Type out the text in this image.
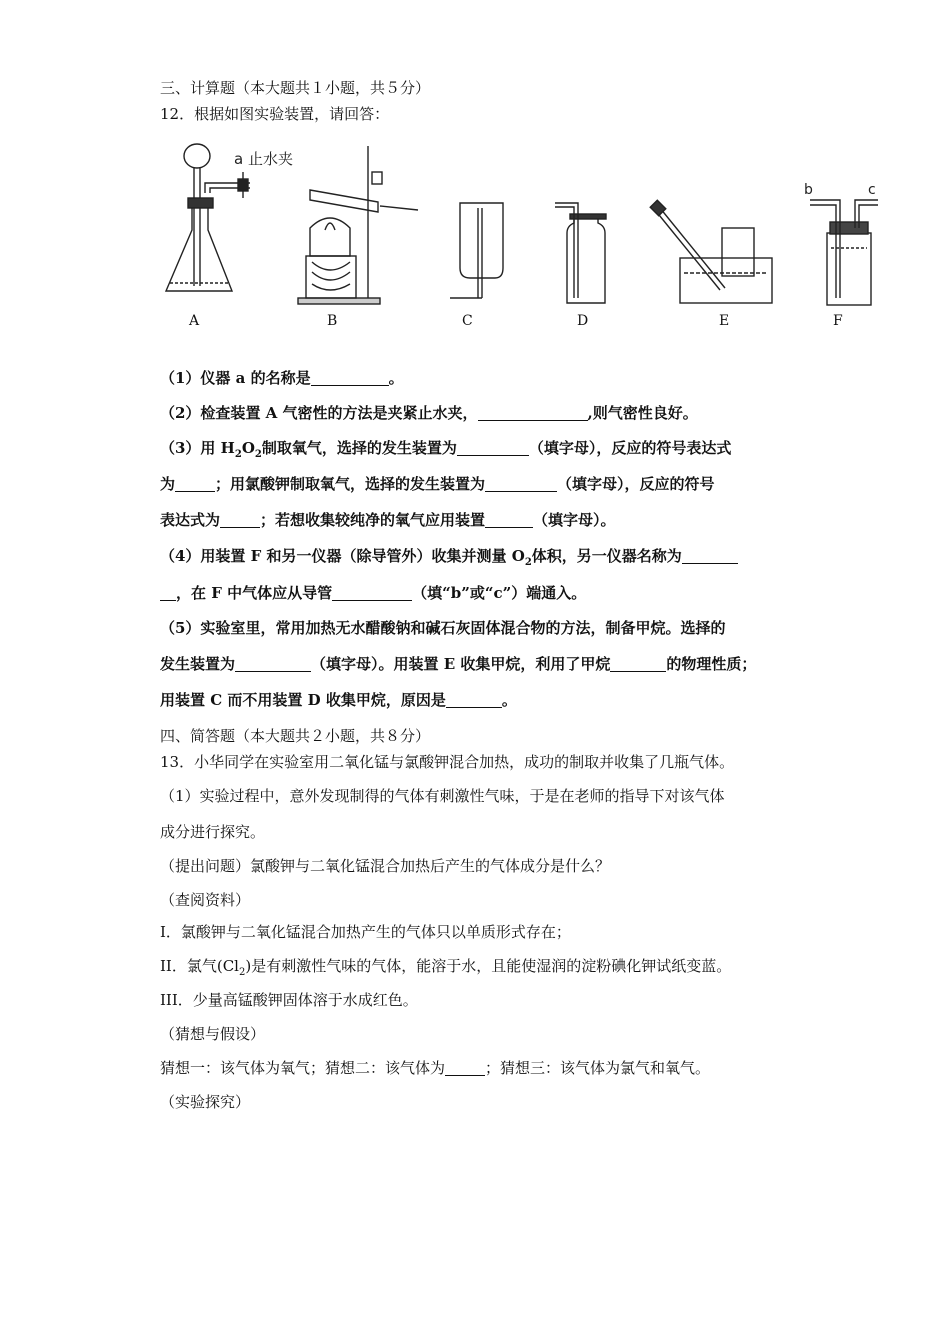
三、计算题（本大题共１小题，共５分）
12．根据如图实验装置，请回答：
a 止水夹
b	c
A	B	C	D	E	F
（1）仪器 a 的名称是	。
（2）检查装置 A 气密性的方法是夹紧止水夹，	,则气密性良好。
（3）用 $H_2O_2$制取氧气，选择的发生装置为	（填字母），反应的符号表达式
为	；用氯酸钾制取氧气，选择的发生装置为	（填字母），反应的符号
表达式为	；若想收集较纯净的氧气应用装置	（填字母）。
（4）用装置 F 和另一仪器（除导管外）收集并测量 $O_2$体积，另一仪器名称为
，在 F 中气体应从导管	（填“b”或“c”）端通入。
（5）实验室里，常用加热无水醋酸钠和碱石灰固体混合物的方法，制备甲烷。选择的
发生装置为	（填字母）。用装置 E 收集甲烷，利用了甲烷	的物理性质；
用装置 C 而不用装置 D 收集甲烷，原因是	。
四、简答题（本大题共２小题，共８分）
13．小华同学在实验室用二氧化锰与氯酸钾混合加热，成功的制取并收集了几瓶气体。
（1）实验过程中，意外发现制得的气体有刺激性气味，于是在老师的指导下对该气体
成分进行探究。
（提出问题）氯酸钾与二氧化锰混合加热后产生的气体成分是什么？
（查阅资料）
I．氯酸钾与二氧化锰混合加热产生的气体只以单质形式存在；
II．氯气$(Cl_2)$是有刺激性气味的气体，能溶于水，且能使湿润的淀粉碘化钾试纸变蓝。
III．少量高锰酸钾固体溶于水成红色。
（猜想与假设）
猜想一：该气体为氧气；猜想二：该气体为	；猜想三：该气体为氯气和氧气。
（实验探究）
